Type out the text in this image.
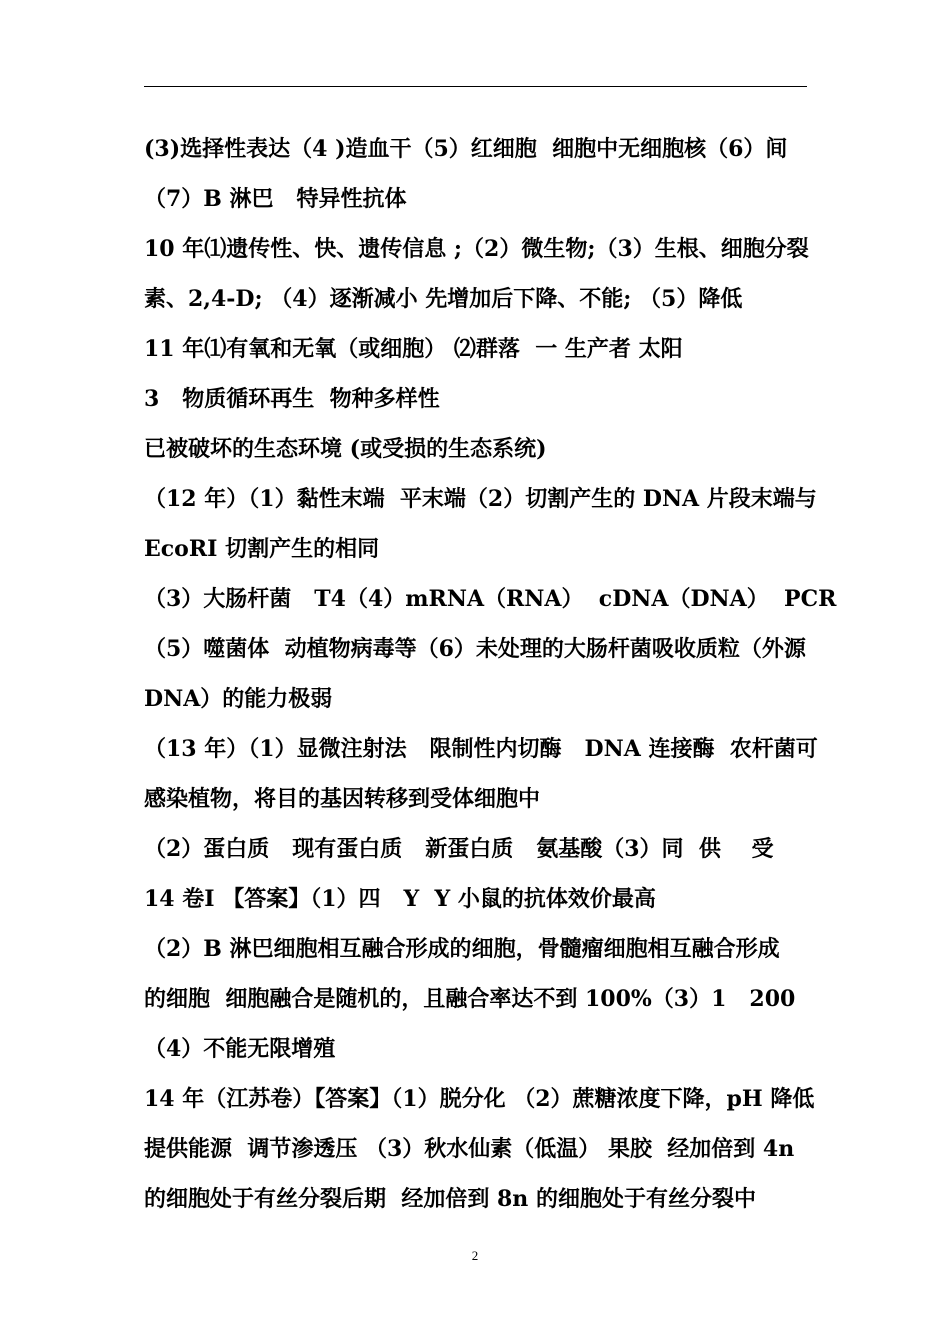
(3)选择性表达（4 )造血干（5）红细胞  细胞中无细胞核（6）间
（7）B 淋巴   特异性抗体
10 年⑴遗传性、快、遗传信息 ;（2）微生物;（3）生根、细胞分裂
素、2,4-D; （4）逐渐减小 先增加后下降、不能; （5）降低
11 年⑴有氧和无氧（或细胞） ⑵群落  一 生产者 太阳
3   物质循环再生  物种多样性
已被破坏的生态环境 (或受损的生态系统)
（12 年）（1）黏性末端  平末端（2）切割产生的 DNA 片段末端与
EcoRⅠ 切割产生的相同
（3）大肠杆菌   T4（4）mRNA（RNA）  cDNA（DNA）  PCR
（5）噬菌体  动植物病毒等（6）未处理的大肠杆菌吸收质粒（外源
DNA）的能力极弱
（13 年）（1）显微注射法   限制性内切酶   DNA 连接酶  农杆菌可
感染植物，将目的基因转移到受体细胞中
（2）蛋白质   现有蛋白质   新蛋白质   氨基酸（3）同  供    受
14 卷Ⅰ 【答案】（1）四   Y  Y 小鼠的抗体效价最高
（2）B 淋巴细胞相互融合形成的细胞，骨髓瘤细胞相互融合形成
的细胞  细胞融合是随机的，且融合率达不到 100%（3）1   200
（4）不能无限增殖
14 年（江苏卷）【答案】（1）脱分化 （2）蔗糖浓度下降，pH 降低
提供能源  调节渗透压 （3）秋水仙素（低温） 果胶  经加倍到 4n
的细胞处于有丝分裂后期  经加倍到 8n 的细胞处于有丝分裂中
2
